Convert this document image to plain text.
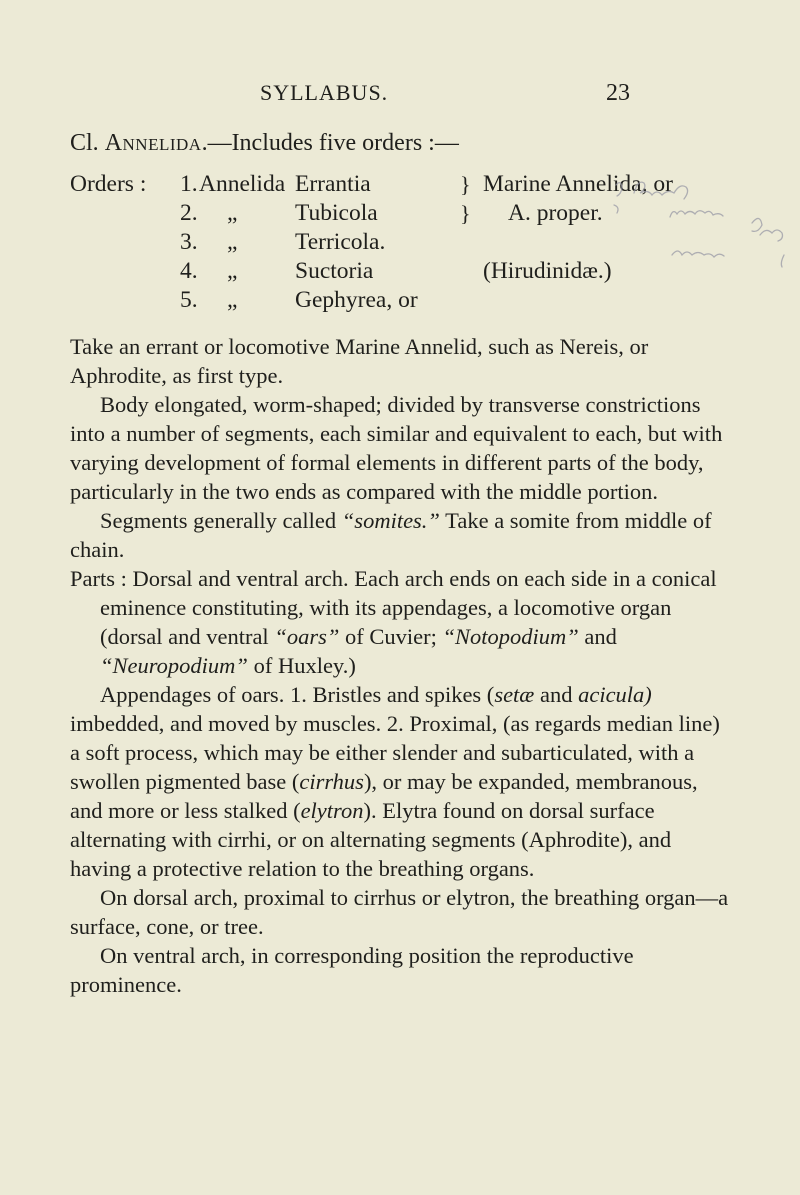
SYLLABUS.	23
Cl. Annelida.—Includes five orders :—
Orders : 1. Annelida Errantia	} Marine Annelida, or
2. „ Tubicola	} A. proper.
3. „ Terricola.
4. „ Suctoria	(Hirudinidæ.)
5. „ Gephyrea, or

Take an errant or locomotive Marine Annelid, such as Nereis, or Aphrodite, as first type.

Body elongated, worm-shaped; divided by transverse constrictions into a number of segments, each similar and equivalent to each, but with varying development of formal elements in different parts of the body, particularly in the two ends as compared with the middle portion.

Segments generally called “somites.” Take a somite from middle of chain.

Parts : Dorsal and ventral arch. Each arch ends on each side in a conical eminence constituting, with its appendages, a locomotive organ (dorsal and ventral “oars” of Cuvier; “Notopodium” and “Neuropodium” of Huxley.)

Appendages of oars. 1. Bristles and spikes (setæ and acicula) imbedded, and moved by muscles. 2. Proximal, (as regards median line) a soft process, which may be either slender and subarticulated, with a swollen pigmented base (cirrhus), or may be expanded, membranous, and more or less stalked (elytron). Elytra found on dorsal surface alternating with cirrhi, or on alternating segments (Aphrodite), and having a protective relation to the breathing organs.

On dorsal arch, proximal to cirrhus or elytron, the breathing organ—a surface, cone, or tree.

On ventral arch, in corresponding position the reproductive prominence.
